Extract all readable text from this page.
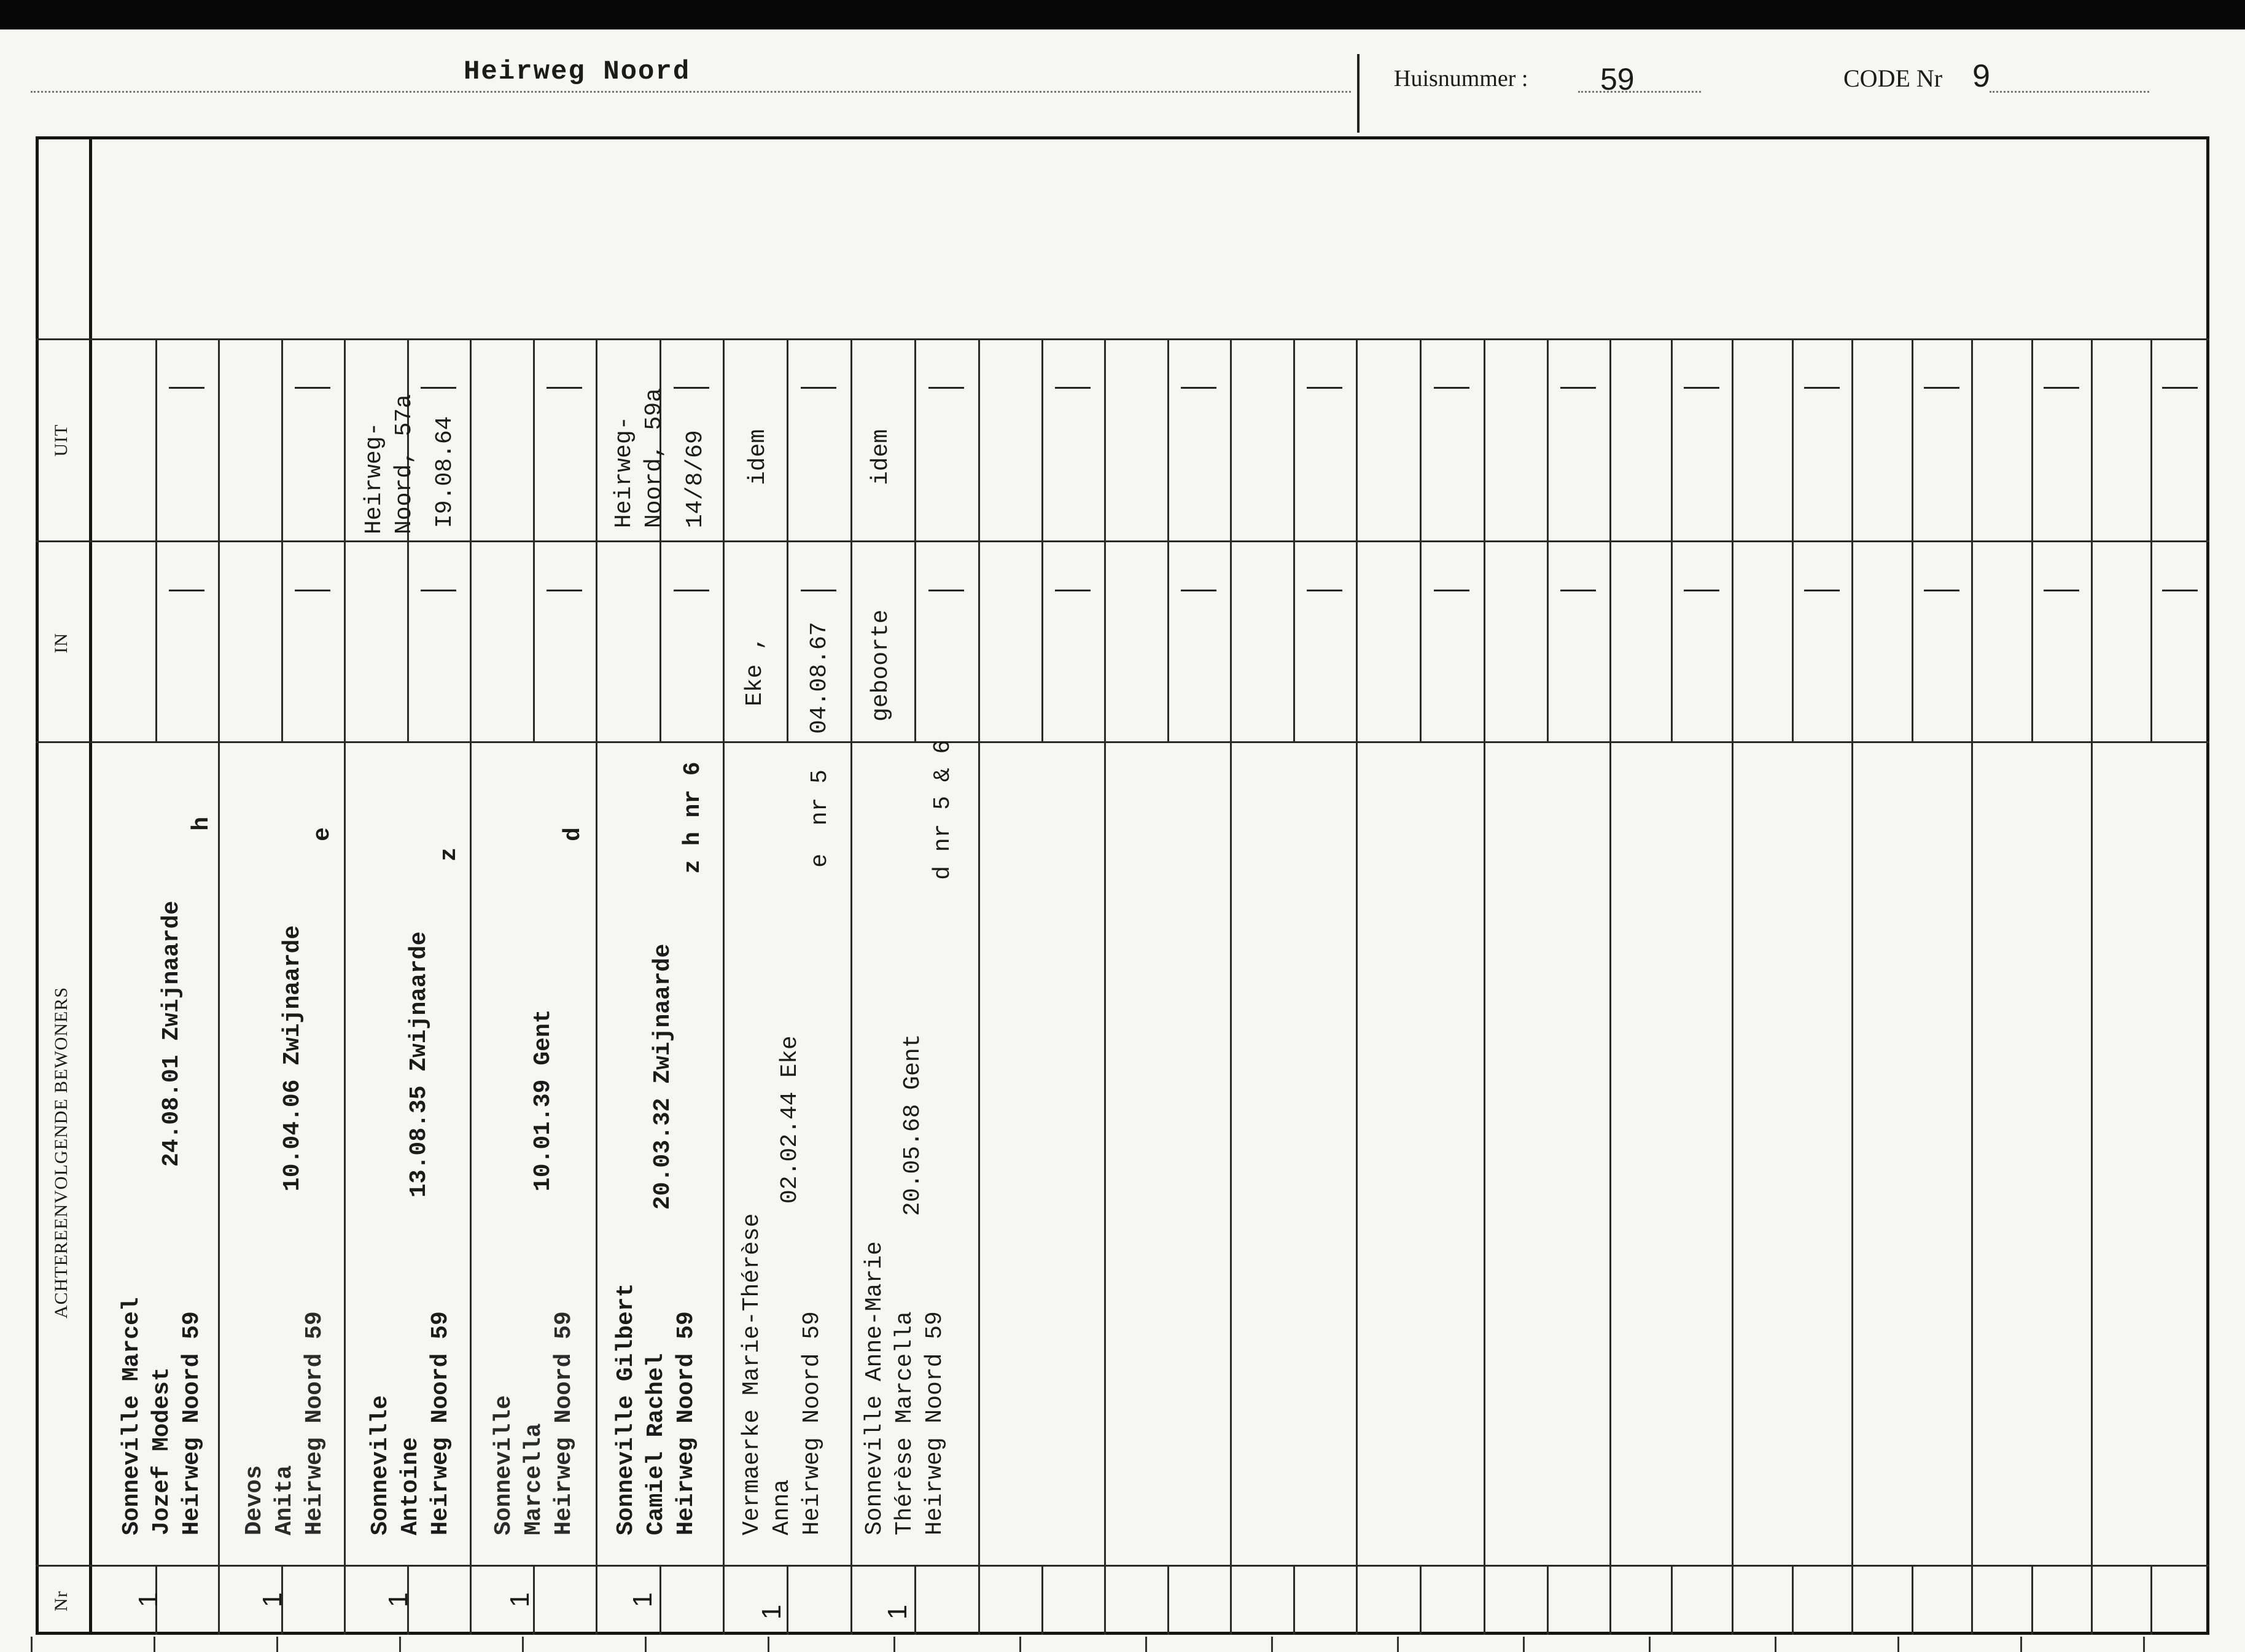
Heirweg Noord	Huisnummer : 59	CODE Nr 9
UIT
IN
ACHTEREENVOLGENDE BEWONERS
Nr
Sonneville Marcel
Jozef Modest
Heirweg Noord 59
24.08.01 Zwijnaarde
h
1
Devos
Anita
Heirweg Noord 59
10.04.06 Zwijnaarde
e
1
Sonneville
Antoine
Heirweg Noord 59
13.08.35 Zwijnaarde
z
Heirweg-
Noord, 57a
I9.08.64
1
Sonneville
Marcella
Heirweg Noord 59
10.01.39 Gent
d
1
Sonneville Gilbert
Camiel Rachel
Heirweg Noord 59
20.03.32 Zwijnaarde
z h nr 6
Heirweg-
Noord, 59a
14/8/69
1
Vermaerke Marie-Thérèse
Anna
Heirweg Noord 59
02.02.44 Eke
e  nr 5
Eke , 04.08.67
idem
1
Sonneville Anne-Marie
Thérèse Marcella
Heirweg Noord 59
20.05.68 Gent
d nr 5 & 6
geboorte
idem
1
